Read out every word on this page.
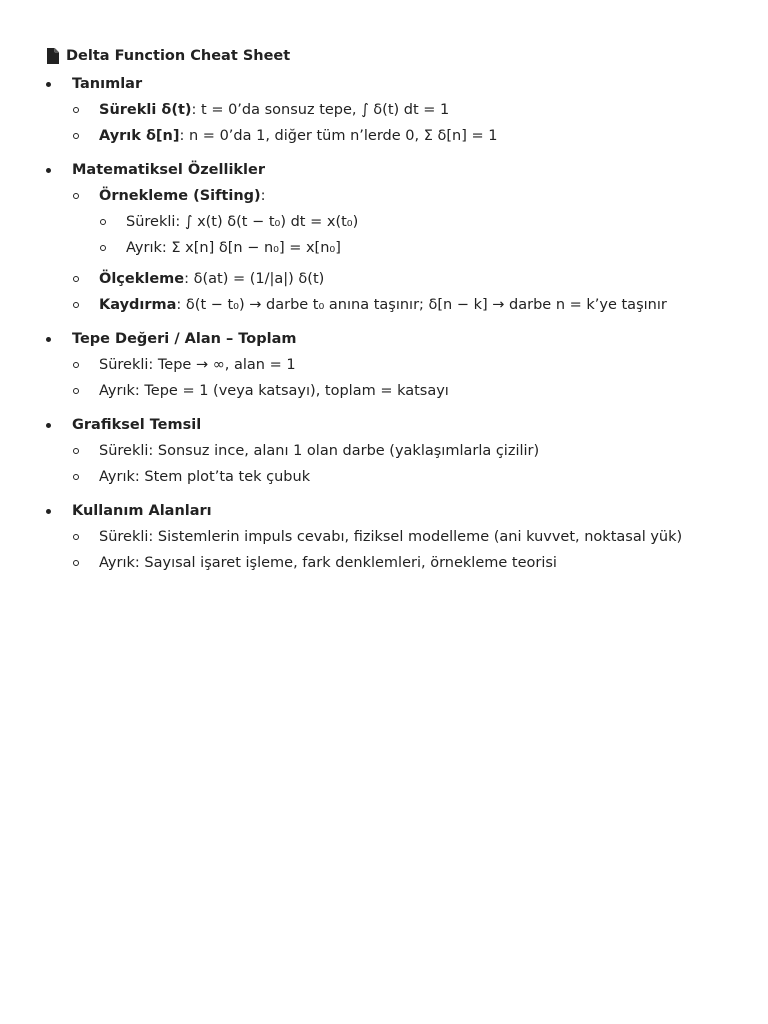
Delta Function Cheat Sheet
Tanımlar
Sürekli δ(t): t = 0’da sonsuz tepe, ∫ δ(t) dt = 1
Ayrık δ[n]: n = 0’da 1, diğer tüm n’lerde 0, Σ δ[n] = 1
Matematiksel Özellikler
Örnekleme (Sifting):
Sürekli: ∫ x(t) δ(t − t₀) dt = x(t₀)
Ayrık: Σ x[n] δ[n − n₀] = x[n₀]
Ölçekleme: δ(at) = (1/|a|) δ(t)
Kaydırma: δ(t − t₀) → darbe t₀ anına taşınır; δ[n − k] → darbe n = k’ye taşınır
Tepe Değeri / Alan – Toplam
Sürekli: Tepe → ∞, alan = 1
Ayrık: Tepe = 1 (veya katsayı), toplam = katsayı
Grafiksel Temsil
Sürekli: Sonsuz ince, alanı 1 olan darbe (yaklaşımlarla çizilir)
Ayrık: Stem plot’ta tek çubuk
Kullanım Alanları
Sürekli: Sistemlerin impuls cevabı, fiziksel modelleme (ani kuvvet, noktasal yük)
Ayrık: Sayısal işaret işleme, fark denklemleri, örnekleme teorisi
